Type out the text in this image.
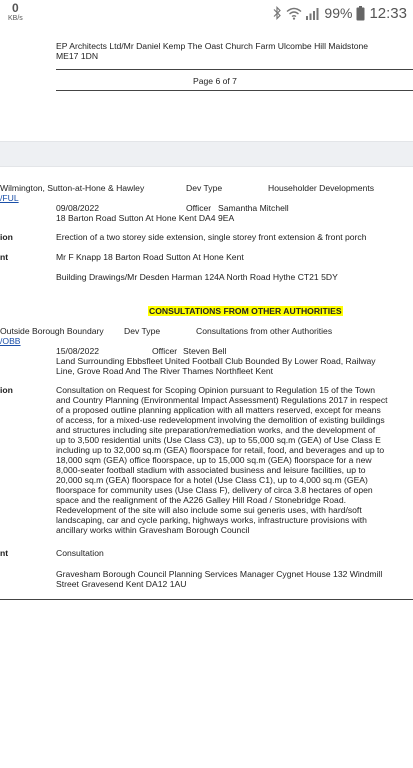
0
KB/s	99% 12:33
EP Architects Ltd/Mr Daniel Kemp The Oast Church Farm Ulcombe Hill Maidstone
ME17 1DN
Page 6 of 7
Wilmington, Sutton-at-Hone & Hawley	Dev Type	Householder Developments
/FUL
09/08/2022	Officer Samantha Mitchell
18 Barton Road Sutton At Hone Kent DA4 9EA
ion	Erection of a two storey side extension, single storey front extension & front porch
nt	Mr F Knapp 18 Barton Road Sutton At Hone Kent
Building Drawings/Mr Desden Harman 124A North Road Hythe CT21 5DY
CONSULTATIONS FROM OTHER AUTHORITIES
Outside Borough Boundary Dev Type	Consultations from other Authorities
/OBB
15/08/2022	Officer Steven Bell
Land Surrounding Ebbsfleet United Football Club Bounded By Lower Road, Railway
Line, Grove Road And The River Thames Northfleet Kent
ion	Consultation on Request for Scoping Opinion pursuant to Regulation 15 of the Town
and Country Planning (Environmental Impact Assessment) Regulations 2017 in respect
of a proposed outline planning application with all matters reserved, except for means
of access, for a mixed-use redevelopment involving the demolition of existing buildings
and structures including site preparation/remediation works, and the development of
up to 3,500 residential units (Use Class C3), up to 55,000 sq.m (GEA) of Use Class E
including up to 32,000 sq.m (GEA) floorspace for retail, food, and beverages and up to
18,000 sqm (GEA) office floorspace, up to 15,000 sq.m (GEA) floorspace for a new
8,000-seater football stadium with associated business and leisure facilities, up to
20,000 sq.m (GEA) floorspace for a hotel (Use Class C1), up to 4,000 sq.m (GEA)
floorspace for community uses (Use Class F), delivery of circa 3.8 hectares of open
space and the realignment of the A226 Galley Hill Road / Stonebridge Road.
Redevelopment of the site will also include some sui generis uses, with hard/soft
landscaping, car and cycle parking, highways works, infrastructure provisions with
ancillary works within Gravesham Borough Council
nt	Consultation
Gravesham Borough Council Planning Services Manager Cygnet House 132 Windmill
Street Gravesend Kent DA12 1AU
